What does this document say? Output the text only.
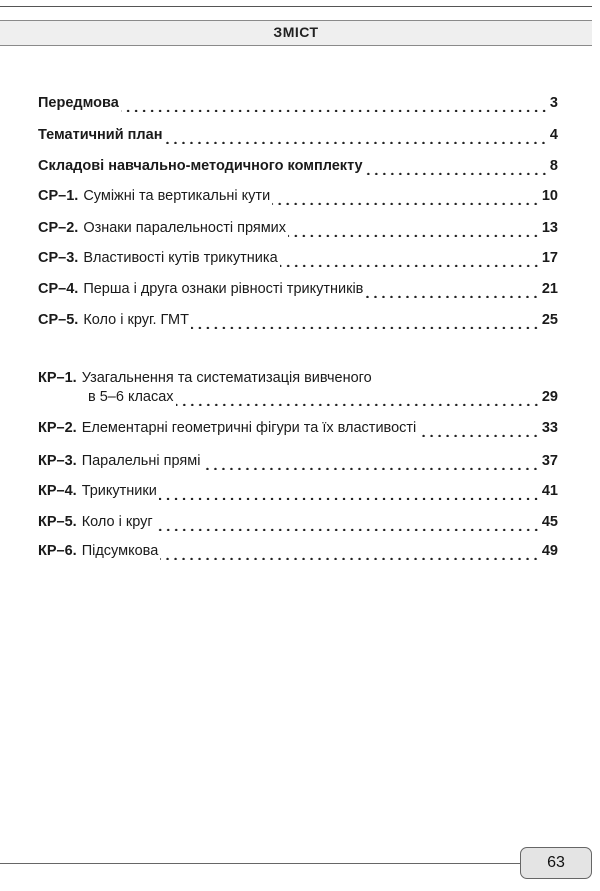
ЗМІСТ
Передмова	3
Тематичний план	4
Складові навчально-методичного комплекту	8
СР–1. Суміжні та вертикальні кути	10
СР–2. Ознаки паралельності прямих	13
СР–3. Властивості кутів трикутника	17
СР–4. Перша і друга ознаки рівності трикутників	21
СР–5. Коло і круг. ГМТ	25
КР–1. Узагальнення та систематизація вивченого
в 5–6 класах	29
КР–2. Елементарні геометричні фігури та їх властивості	33
КР–3. Паралельні прямі	37
КР–4. Трикутники	41
КР–5. Коло і круг	45
КР–6. Підсумкова	49
63
